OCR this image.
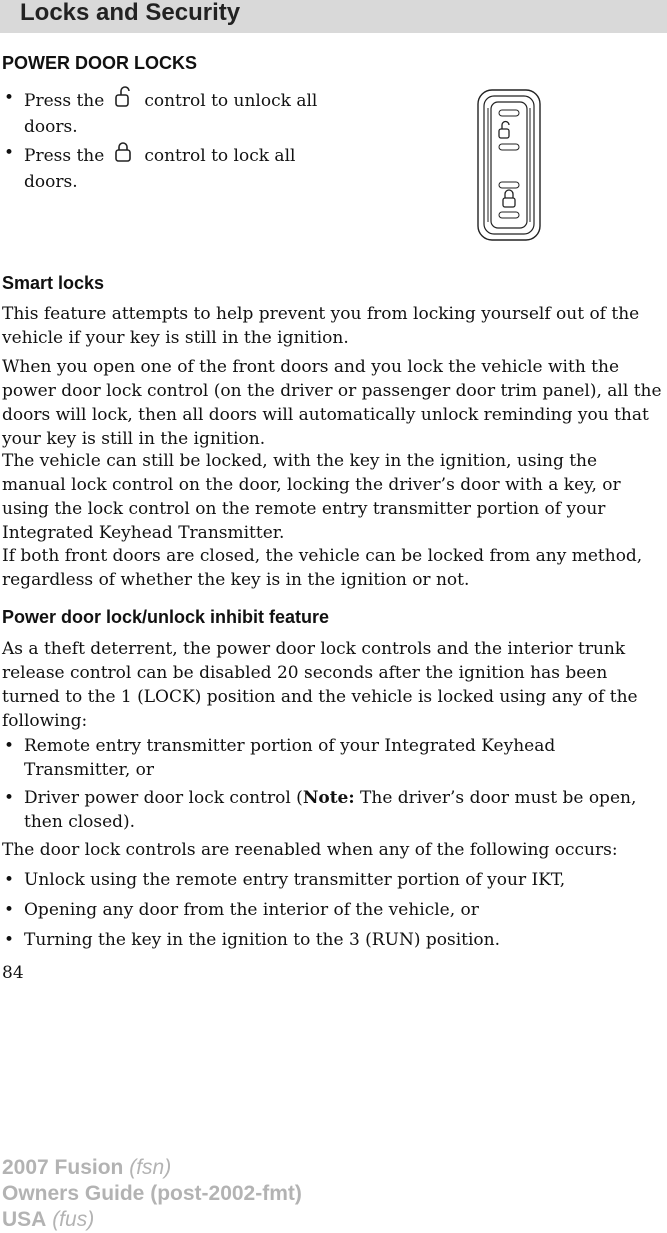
Locks and Security
POWER DOOR LOCKS
• Press the control to unlock all
doors.
• Press the control to lock all
doors.
Smart locks

This feature attempts to help prevent you from locking yourself out of the vehicle if your key is still in the ignition.

When you open one of the front doors and you lock the vehicle with the power door lock control (on the driver or passenger door trim panel), all the doors will lock, then all doors will automatically unlock reminding you that your key is still in the ignition.

The vehicle can still be locked, with the key in the ignition, using the manual lock control on the door, locking the driver’s door with a key, or using the lock control on the remote entry transmitter portion of your Integrated Keyhead Transmitter.

If both front doors are closed, the vehicle can be locked from any method, regardless of whether the key is in the ignition or not.

Power door lock/unlock inhibit feature

As a theft deterrent, the power door lock controls and the interior trunk release control can be disabled 20 seconds after the ignition has been turned to the 1 (LOCK) position and the vehicle is locked using any of the following:

• Remote entry transmitter portion of your Integrated Keyhead Transmitter, or
• Driver power door lock control (Note: The driver’s door must be open, then closed).

The door lock controls are reenabled when any of the following occurs:

• Unlock using the remote entry transmitter portion of your IKT,
• Opening any door from the interior of the vehicle, or
• Turning the key in the ignition to the 3 (RUN) position.
84
2007 Fusion (fsn)
Owners Guide (post-2002-fmt)
USA (fus)
